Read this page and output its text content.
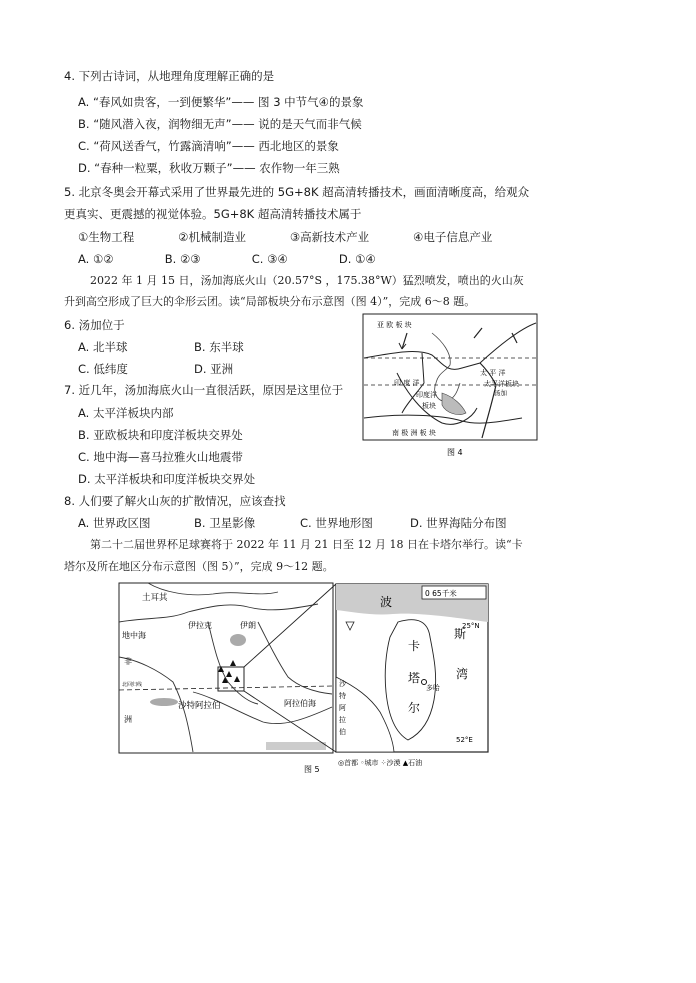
4. 下列古诗词，从地理角度理解正确的是
A. “春风如贵客，一到便繁华”—— 图 3 中节气④的景象
B. “随风潜入夜，润物细无声”—— 说的是天气而非气候
C. “荷风送香气，竹露滴清响”—— 西北地区的景象
D. “春种一粒粟，秋收万颗子”—— 农作物一年三熟
5. 北京冬奥会开幕式采用了世界最先进的 5G+8K 超高清转播技术，画面清晰度高，给观众
更真实、更震撼的视觉体验。5G+8K 超高清转播技术属于
①生物工程            ②机械制造业            ③高新技术产业            ④电子信息产业
A. ①②              B. ②③              C. ③④              D. ①④
2022 年 1 月 15 日，汤加海底火山（20.57°S ，175.38°W）猛烈喷发，喷出的火山灰
升到高空形成了巨大的伞形云团。读“局部板块分布示意图（图 4）”，完成 6～8 题。
6. 汤加位于
A. 北半球	B. 东半球
C. 低纬度	D. 亚洲
7. 近几年，汤加海底火山一直很活跃，原因是这里位于
A. 太平洋板块内部
B. 亚欧板块和印度洋板块交界处
C. 地中海—喜马拉雅火山地震带
D. 太平洋板块和印度洋板块交界处
亚 欧 板 块
太 平 洋
太平洋板块
汤加
印 度 洋
印度洋
板块
南 极 洲 板 块
图 4
8. 人们要了解火山灰的扩散情况，应该查找
A. 世界政区图	B. 卫星影像	C. 世界地形图	D. 世界海陆分布图
第二十二届世界杯足球赛将于 2022 年 11 月 21 日至 12 月 18 日在卡塔尔举行。读“卡
塔尔及所在地区分布示意图（图 5）”，完成 9～12 题。
土耳其
地中海
非
洲
伊拉克	伊朗
沙特阿拉伯	阿拉伯海
北回归线
波
斯
湾
卡
塔
尔
多哈
沙
特
阿
拉
伯
0 65千米
25°N
52°E
◎首都 ◦城市 ⁘沙漠 ▲石油
图 5
